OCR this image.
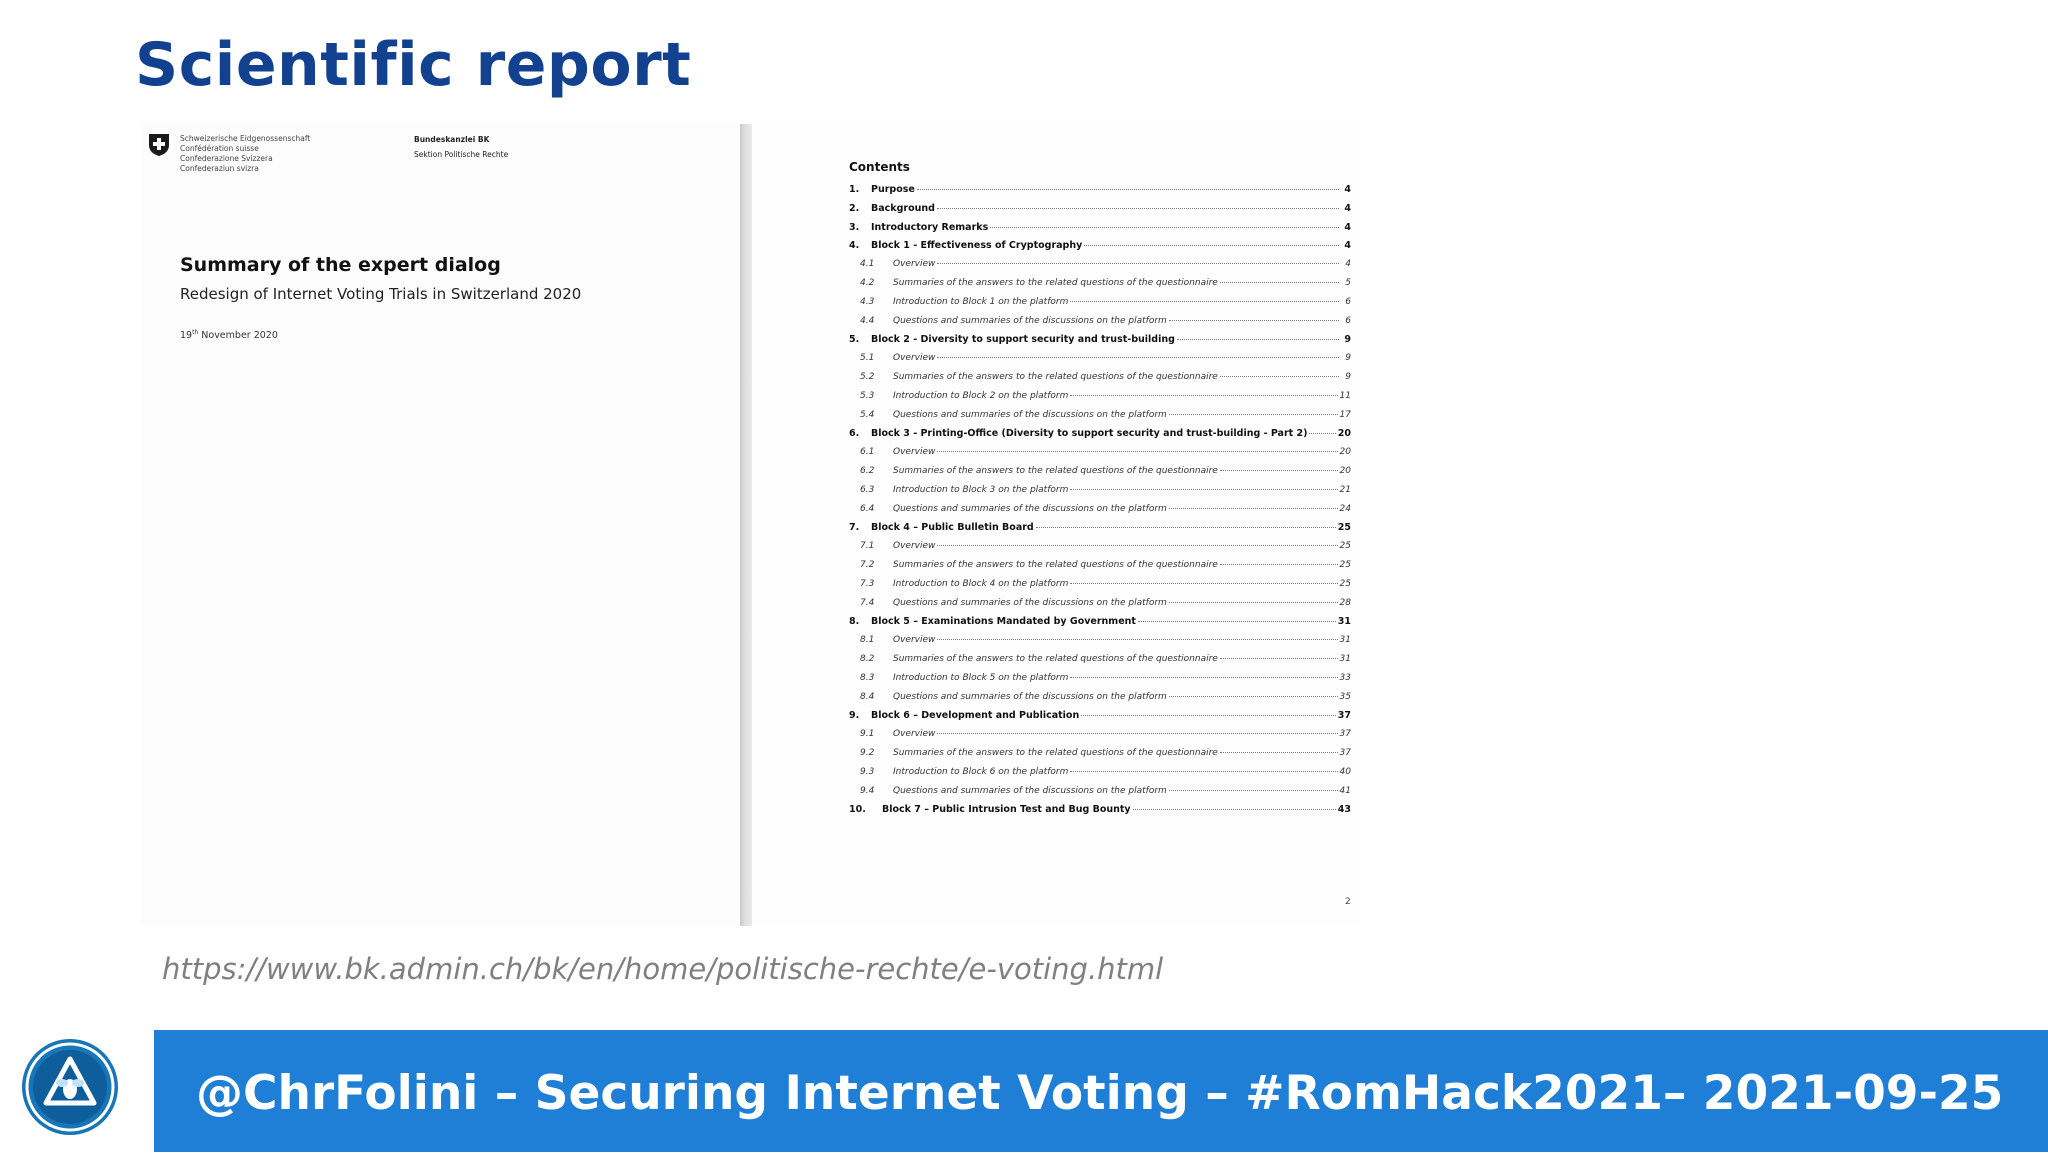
Scientific report
Schweizerische Eidgenossenschaft
Confédération suisse
Confederazione Svizzera
Confederaziun svizra
Bundeskanzlei BK
Sektion Politische Rechte
Summary of the expert dialog
Redesign of Internet Voting Trials in Switzerland 2020
19th November 2020
Contents
1.	Purpose	4
2.	Background	4
3.	Introductory Remarks	4
4.	Block 1 - Effectiveness of Cryptography	4
4.1	Overview	4
4.2	Summaries of the answers to the related questions of the questionnaire	5
4.3	Introduction to Block 1 on the platform	6
4.4	Questions and summaries of the discussions on the platform	6
5.	Block 2 - Diversity to support security and trust-building	9
5.1	Overview	9
5.2	Summaries of the answers to the related questions of the questionnaire	9
5.3	Introduction to Block 2 on the platform	11
5.4	Questions and summaries of the discussions on the platform	17
6.	Block 3 - Printing-Office (Diversity to support security and trust-building - Part 2)	20
6.1	Overview	20
6.2	Summaries of the answers to the related questions of the questionnaire	20
6.3	Introduction to Block 3 on the platform	21
6.4	Questions and summaries of the discussions on the platform	24
7.	Block 4 – Public Bulletin Board	25
7.1	Overview	25
7.2	Summaries of the answers to the related questions of the questionnaire	25
7.3	Introduction to Block 4 on the platform	25
7.4	Questions and summaries of the discussions on the platform	28
8.	Block 5 – Examinations Mandated by Government	31
8.1	Overview	31
8.2	Summaries of the answers to the related questions of the questionnaire	31
8.3	Introduction to Block 5 on the platform	33
8.4	Questions and summaries of the discussions on the platform	35
9.	Block 6 – Development and Publication	37
9.1	Overview	37
9.2	Summaries of the answers to the related questions of the questionnaire	37
9.3	Introduction to Block 6 on the platform	40
9.4	Questions and summaries of the discussions on the platform	41
10.	Block 7 – Public Intrusion Test and Bug Bounty	43
2
https://www.bk.admin.ch/bk/en/home/politische-rechte/e-voting.html
@ChrFolini – Securing Internet Voting – #RomHack2021– 2021-09-25
